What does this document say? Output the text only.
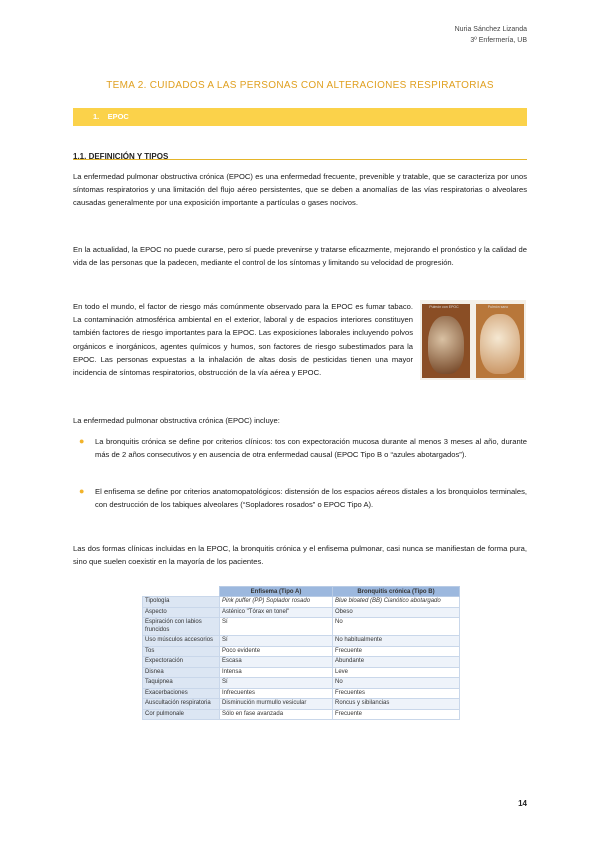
Nuria Sánchez Lizanda
3º Enfermería, UB
TEMA 2. CUIDADOS A LAS PERSONAS CON ALTERACIONES RESPIRATORIAS
1.    EPOC
1.1. DEFINICIÓN Y TIPOS
La enfermedad pulmonar obstructiva crónica (EPOC) es una enfermedad frecuente, prevenible y tratable, que se caracteriza por unos síntomas respiratorios y una limitación del flujo aéreo persistentes, que se deben a anomalías de las vías respiratorias o alveolares causadas generalmente por una exposición importante a partículas o gases nocivos.
En la actualidad, la EPOC no puede curarse, pero sí puede prevenirse y tratarse eficazmente, mejorando el pronóstico y la calidad de vida de las personas que la padecen, mediante el control de los síntomas y limitando su velocidad de progresión.
En todo el mundo, el factor de riesgo más comúnmente observado para la EPOC es fumar tabaco. La contaminación atmosférica ambiental en el exterior, laboral y de espacios interiores constituyen también factores de riesgo importantes para la EPOC. Las exposiciones laborales incluyendo polvos orgánicos e inorgánicos, agentes químicos y humos, son factores de riesgo subestimados para la EPOC. Las personas expuestas a la inhalación de altas dosis de pesticidas tienen una mayor incidencia de síntomas respiratorios, obstrucción de la vía aérea y EPOC.
Pulmón con EPOC	Pulmón sano
La enfermedad pulmonar obstructiva crónica (EPOC) incluye:
● La bronquitis crónica se define por criterios clínicos: tos con expectoración mucosa durante al menos 3 meses al año, durante más de 2 años consecutivos y en ausencia de otra enfermedad causal (EPOC Tipo B o “azules abotargados”).
● El enfisema se define por criterios anatomopatológicos: distensión de los espacios aéreos distales a los bronquiolos terminales, con destrucción de los tabiques alveolares (“Sopladores rosados” o EPOC Tipo A).
Las dos formas clínicas incluidas en la EPOC, la bronquitis crónica y el enfisema pulmonar, casi nunca se manifiestan de forma pura, sino que suelen coexistir en la mayoría de los pacientes.
	Enfisema (Tipo A)	Bronquitis crónica (Tipo B)
Tipología	Pink puffer (PP) Soplador rosado	Blue bloated (BB) Cianótico abotargado
Aspecto	Asténico "Tórax en tonel"	Obeso
Espiración con labios fruncidos	Sí	No
Uso músculos accesorios	Sí	No habitualmente
Tos	Poco evidente	Frecuente
Expectoración	Escasa	Abundante
Disnea	Intensa	Leve
Taquipnea	Sí	No
Exacerbaciones	Infrecuentes	Frecuentes
Auscultación respiratoria	Disminución murmullo vesicular	Roncus y sibilancias
Cor pulmonale	Sólo en fase avanzada	Frecuente
14
